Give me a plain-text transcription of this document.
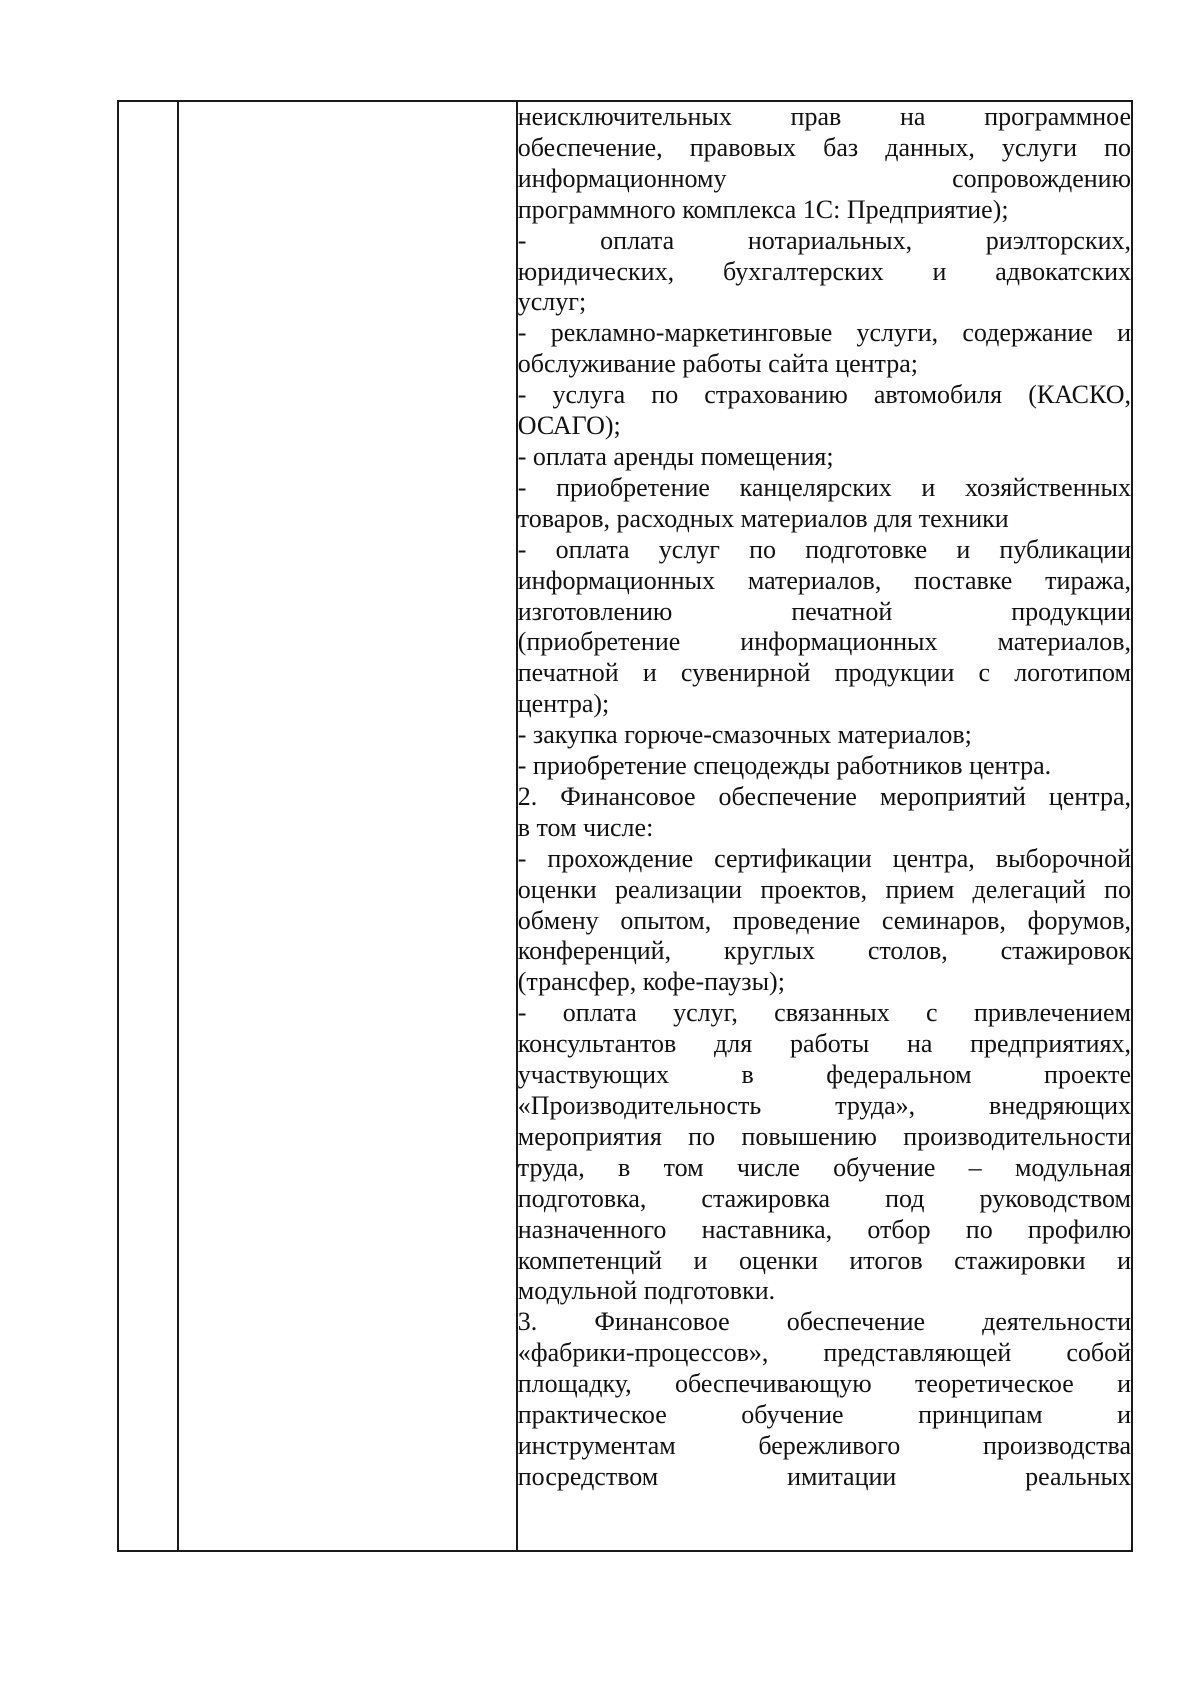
неисключительных прав на программное
обеспечение, правовых баз данных, услуги по
информационному сопровождению
программного комплекса 1С: Предприятие);
- оплата нотариальных, риэлторских,
юридических, бухгалтерских и адвокатских
услуг;
- рекламно-маркетинговые услуги, содержание и
обслуживание работы сайта центра;
- услуга по страхованию автомобиля (КАСКО,
ОСАГО);
- оплата аренды помещения;
- приобретение канцелярских и хозяйственных
товаров, расходных материалов для техники
- оплата услуг по подготовке и публикации
информационных материалов, поставке тиража,
изготовлению печатной продукции
(приобретение информационных материалов,
печатной и сувенирной продукции с логотипом
центра);
- закупка горюче-смазочных материалов;
- приобретение спецодежды работников центра.
2. Финансовое обеспечение мероприятий центра,
в том числе:
- прохождение сертификации центра, выборочной
оценки реализации проектов, прием делегаций по
обмену опытом, проведение семинаров, форумов,
конференций, круглых столов, стажировок
(трансфер, кофе-паузы);
- оплата услуг, связанных с привлечением
консультантов для работы на предприятиях,
участвующих в федеральном проекте
«Производительность труда», внедряющих
мероприятия по повышению производительности
труда, в том числе обучение – модульная
подготовка, стажировка под руководством
назначенного наставника, отбор по профилю
компетенций и оценки итогов стажировки и
модульной подготовки.
3. Финансовое обеспечение деятельности
«фабрики-процессов», представляющей собой
площадку, обеспечивающую теоретическое и
практическое обучение принципам и
инструментам бережливого производства
посредством имитации реальных
